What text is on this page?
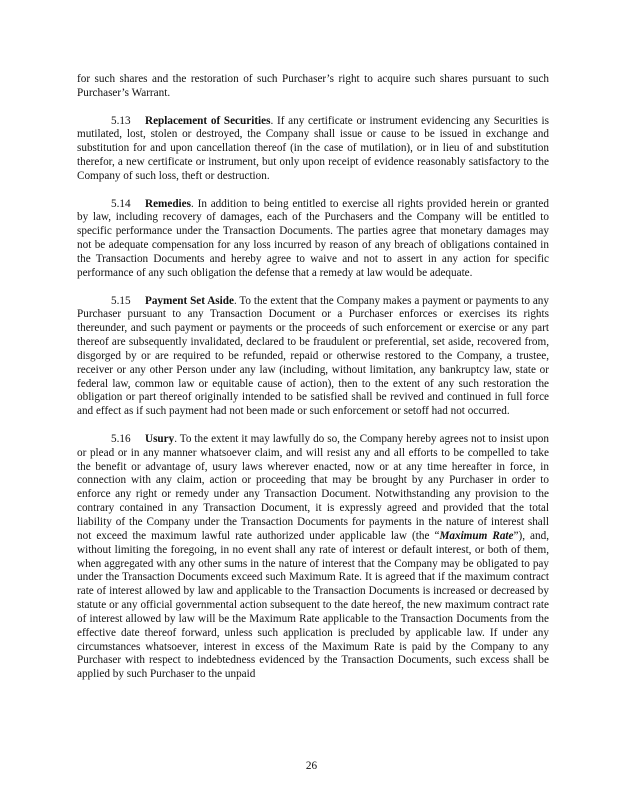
for such shares and the restoration of such Purchaser’s right to acquire such shares pursuant to such Purchaser’s Warrant.

5.13 Replacement of Securities. If any certificate or instrument evidencing any Securities is mutilated, lost, stolen or destroyed, the Company shall issue or cause to be issued in exchange and substitution for and upon cancellation thereof (in the case of mutilation), or in lieu of and substitution therefor, a new certificate or instrument, but only upon receipt of evidence reasonably satisfactory to the Company of such loss, theft or destruction.

5.14 Remedies. In addition to being entitled to exercise all rights provided herein or granted by law, including recovery of damages, each of the Purchasers and the Company will be entitled to specific performance under the Transaction Documents. The parties agree that monetary damages may not be adequate compensation for any loss incurred by reason of any breach of obligations contained in the Transaction Documents and hereby agree to waive and not to assert in any action for specific performance of any such obligation the defense that a remedy at law would be adequate.

5.15 Payment Set Aside. To the extent that the Company makes a payment or payments to any Purchaser pursuant to any Transaction Document or a Purchaser enforces or exercises its rights thereunder, and such payment or payments or the proceeds of such enforcement or exercise or any part thereof are subsequently invalidated, declared to be fraudulent or preferential, set aside, recovered from, disgorged by or are required to be refunded, repaid or otherwise restored to the Company, a trustee, receiver or any other Person under any law (including, without limitation, any bankruptcy law, state or federal law, common law or equitable cause of action), then to the extent of any such restoration the obligation or part thereof originally intended to be satisfied shall be revived and continued in full force and effect as if such payment had not been made or such enforcement or setoff had not occurred.

5.16 Usury. To the extent it may lawfully do so, the Company hereby agrees not to insist upon or plead or in any manner whatsoever claim, and will resist any and all efforts to be compelled to take the benefit or advantage of, usury laws wherever enacted, now or at any time hereafter in force, in connection with any claim, action or proceeding that may be brought by any Purchaser in order to enforce any right or remedy under any Transaction Document. Notwithstanding any provision to the contrary contained in any Transaction Document, it is expressly agreed and provided that the total liability of the Company under the Transaction Documents for payments in the nature of interest shall not exceed the maximum lawful rate authorized under applicable law (the “Maximum Rate”), and, without limiting the foregoing, in no event shall any rate of interest or default interest, or both of them, when aggregated with any other sums in the nature of interest that the Company may be obligated to pay under the Transaction Documents exceed such Maximum Rate. It is agreed that if the maximum contract rate of interest allowed by law and applicable to the Transaction Documents is increased or decreased by statute or any official governmental action subsequent to the date hereof, the new maximum contract rate of interest allowed by law will be the Maximum Rate applicable to the Transaction Documents from the effective date thereof forward, unless such application is precluded by applicable law. If under any circumstances whatsoever, interest in excess of the Maximum Rate is paid by the Company to any Purchaser with respect to indebtedness evidenced by the Transaction Documents, such excess shall be applied by such Purchaser to the unpaid

26
